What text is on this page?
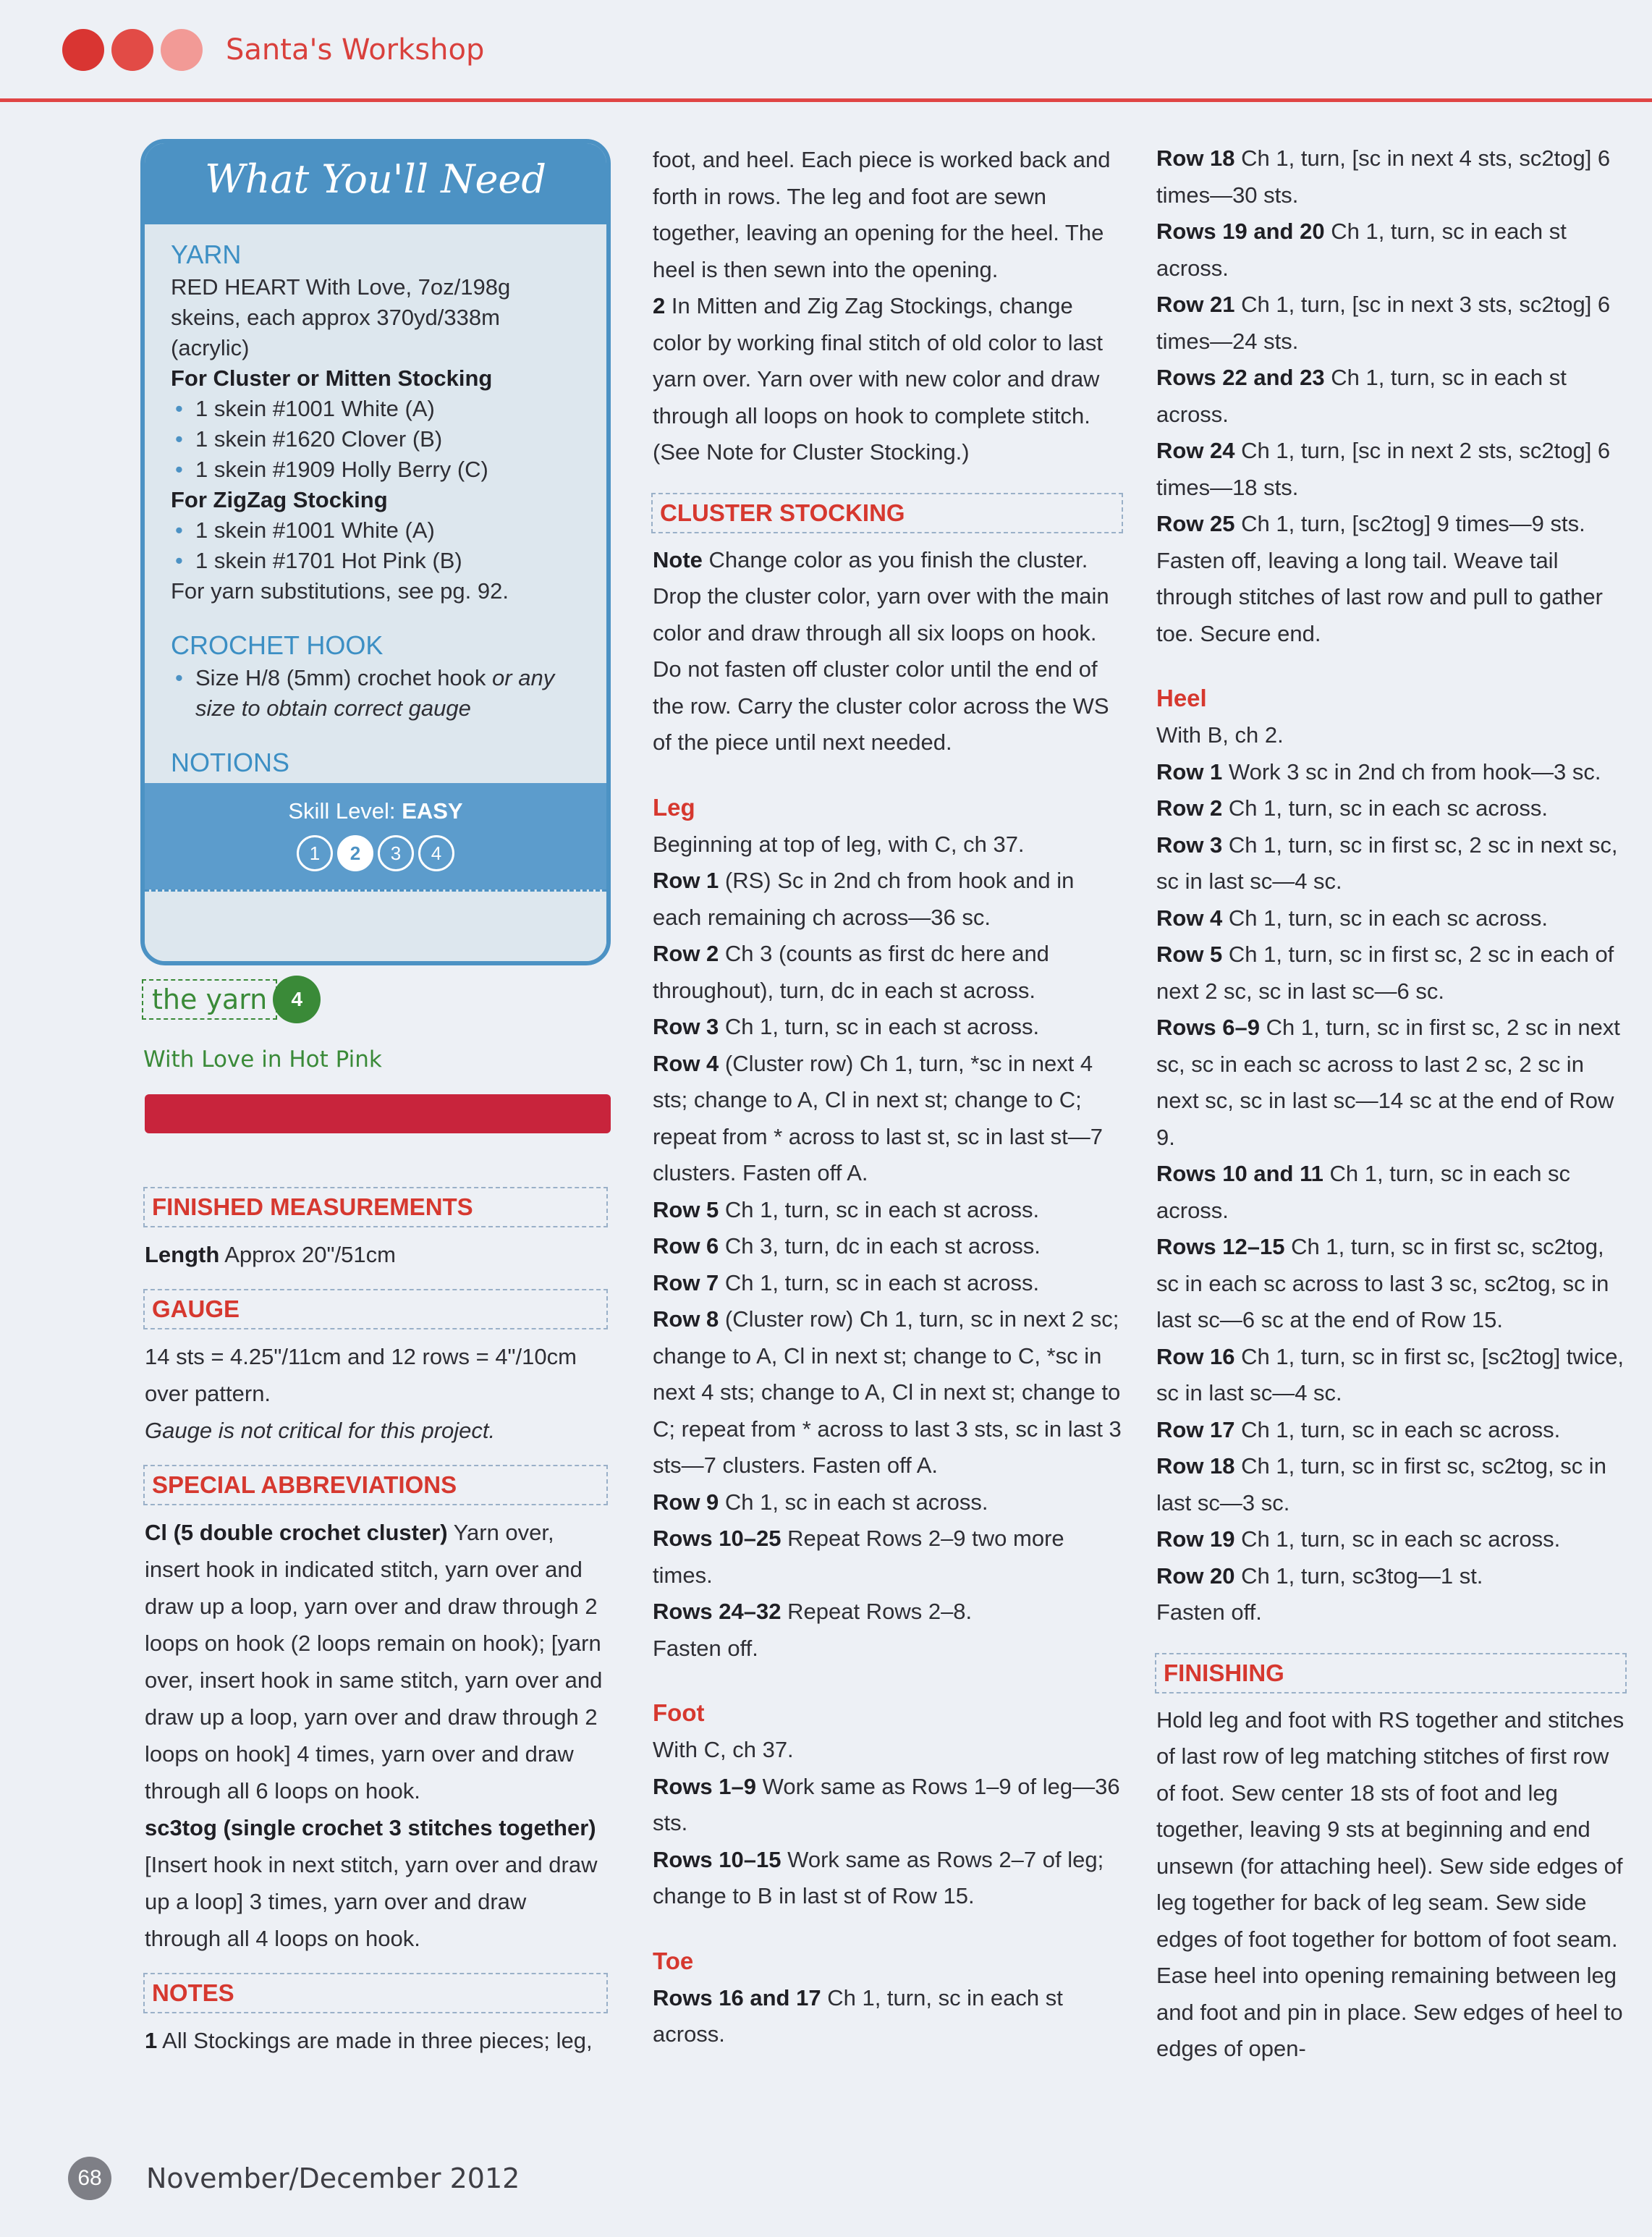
Santa's Workshop
What You'll Need
YARN
RED HEART With Love, 7oz/198g skeins, each approx 370yd/338m (acrylic)
For Cluster or Mitten Stocking
• 1 skein #1001 White (A)
• 1 skein #1620 Clover (B)
• 1 skein #1909 Holly Berry (C)
For ZigZag Stocking
• 1 skein #1001 White (A)
• 1 skein #1701 Hot Pink (B)
For yarn substitutions, see pg. 92.
CROCHET HOOK
• Size H/8 (5mm) crochet hook or any size to obtain correct gauge
NOTIONS
•
•
Skill Level: EASY
1	2	3	4
the yarn	4
With Love in Hot Pink
FINISHED MEASUREMENTS

Length Approx 20"/51cm

GAUGE

14 sts = 4.25"/11cm and 12 rows = 4"/10cm over pattern.

Gauge is not critical for this project.

SPECIAL ABBREVIATIONS

Cl (5 double crochet cluster) Yarn over, insert hook in indicated stitch, yarn over and draw up a loop, yarn over and draw through 2 loops on hook (2 loops remain on hook); [yarn over, insert hook in same stitch, yarn over and draw up a loop, yarn over and draw through 2 loops on hook] 4 times, yarn over and draw through all 6 loops on hook.

sc3tog (single crochet 3 stitches together) [Insert hook in next stitch, yarn over and draw up a loop] 3 times, yarn over and draw through all 4 loops on hook.

NOTES

1 All Stockings are made in three pieces; leg,

foot, and heel. Each piece is worked back and forth in rows. The leg and foot are sewn together, leaving an opening for the heel. The heel is then sewn into the opening.

2 In Mitten and Zig Zag Stockings, change color by working final stitch of old color to last yarn over. Yarn over with new color and draw through all loops on hook to complete stitch. (See Note for Cluster Stocking.)

CLUSTER STOCKING

Note Change color as you finish the cluster. Drop the cluster color, yarn over with the main color and draw through all six loops on hook. Do not fasten off cluster color until the end of the row. Carry the cluster color across the WS of the piece until next needed.

Leg

Beginning at top of leg, with C, ch 37.

Row 1 (RS) Sc in 2nd ch from hook and in each remaining ch across—36 sc.

Row 2 Ch 3 (counts as first dc here and throughout), turn, dc in each st across.

Row 3 Ch 1, turn, sc in each st across.

Row 4 (Cluster row) Ch 1, turn, *sc in next 4 sts; change to A, Cl in next st; change to C; repeat from * across to last st, sc in last st—7 clusters. Fasten off A.

Row 5 Ch 1, turn, sc in each st across.

Row 6 Ch 3, turn, dc in each st across.

Row 7 Ch 1, turn, sc in each st across.

Row 8 (Cluster row) Ch 1, turn, sc in next 2 sc; change to A, Cl in next st; change to C, *sc in next 4 sts; change to A, Cl in next st; change to C; repeat from * across to last 3 sts, sc in last 3 sts—7 clusters. Fasten off A.

Row 9 Ch 1, sc in each st across.

Rows 10–25 Repeat Rows 2–9 two more times.

Rows 24–32 Repeat Rows 2–8.

Fasten off.

Foot

With C, ch 37.

Rows 1–9 Work same as Rows 1–9 of leg—36 sts.

Rows 10–15 Work same as Rows 2–7 of leg; change to B in last st of Row 15.

Toe

Rows 16 and 17 Ch 1, turn, sc in each st across.

Row 18 Ch 1, turn, [sc in next 4 sts, sc2tog] 6 times—30 sts.

Rows 19 and 20 Ch 1, turn, sc in each st across.

Row 21 Ch 1, turn, [sc in next 3 sts, sc2tog] 6 times—24 sts.

Rows 22 and 23 Ch 1, turn, sc in each st across.

Row 24 Ch 1, turn, [sc in next 2 sts, sc2tog] 6 times—18 sts.

Row 25 Ch 1, turn, [sc2tog] 9 times—9 sts.

Fasten off, leaving a long tail. Weave tail through stitches of last row and pull to gather toe. Secure end.

Heel

With B, ch 2.

Row 1 Work 3 sc in 2nd ch from hook—3 sc.

Row 2 Ch 1, turn, sc in each sc across.

Row 3 Ch 1, turn, sc in first sc, 2 sc in next sc, sc in last sc—4 sc.

Row 4 Ch 1, turn, sc in each sc across.

Row 5 Ch 1, turn, sc in first sc, 2 sc in each of next 2 sc, sc in last sc—6 sc.

Rows 6–9 Ch 1, turn, sc in first sc, 2 sc in next sc, sc in each sc across to last 2 sc, 2 sc in next sc, sc in last sc—14 sc at the end of Row 9.

Rows 10 and 11 Ch 1, turn, sc in each sc across.

Rows 12–15 Ch 1, turn, sc in first sc, sc2tog, sc in each sc across to last 3 sc, sc2tog, sc in last sc—6 sc at the end of Row 15.

Row 16 Ch 1, turn, sc in first sc, [sc2tog] twice, sc in last sc—4 sc.

Row 17 Ch 1, turn, sc in each sc across.

Row 18 Ch 1, turn, sc in first sc, sc2tog, sc in last sc—3 sc.

Row 19 Ch 1, turn, sc in each sc across.

Row 20 Ch 1, turn, sc3tog—1 st.

Fasten off.

FINISHING

Hold leg and foot with RS together and stitches of last row of leg matching stitches of first row of foot. Sew center 18 sts of foot and leg together, leaving 9 sts at beginning and end unsewn (for attaching heel). Sew side edges of leg together for back of leg seam. Sew side edges of foot together for bottom of foot seam. Ease heel into opening remaining between leg and foot and pin in place. Sew edges of heel to edges of open-

68	November/December 2012
